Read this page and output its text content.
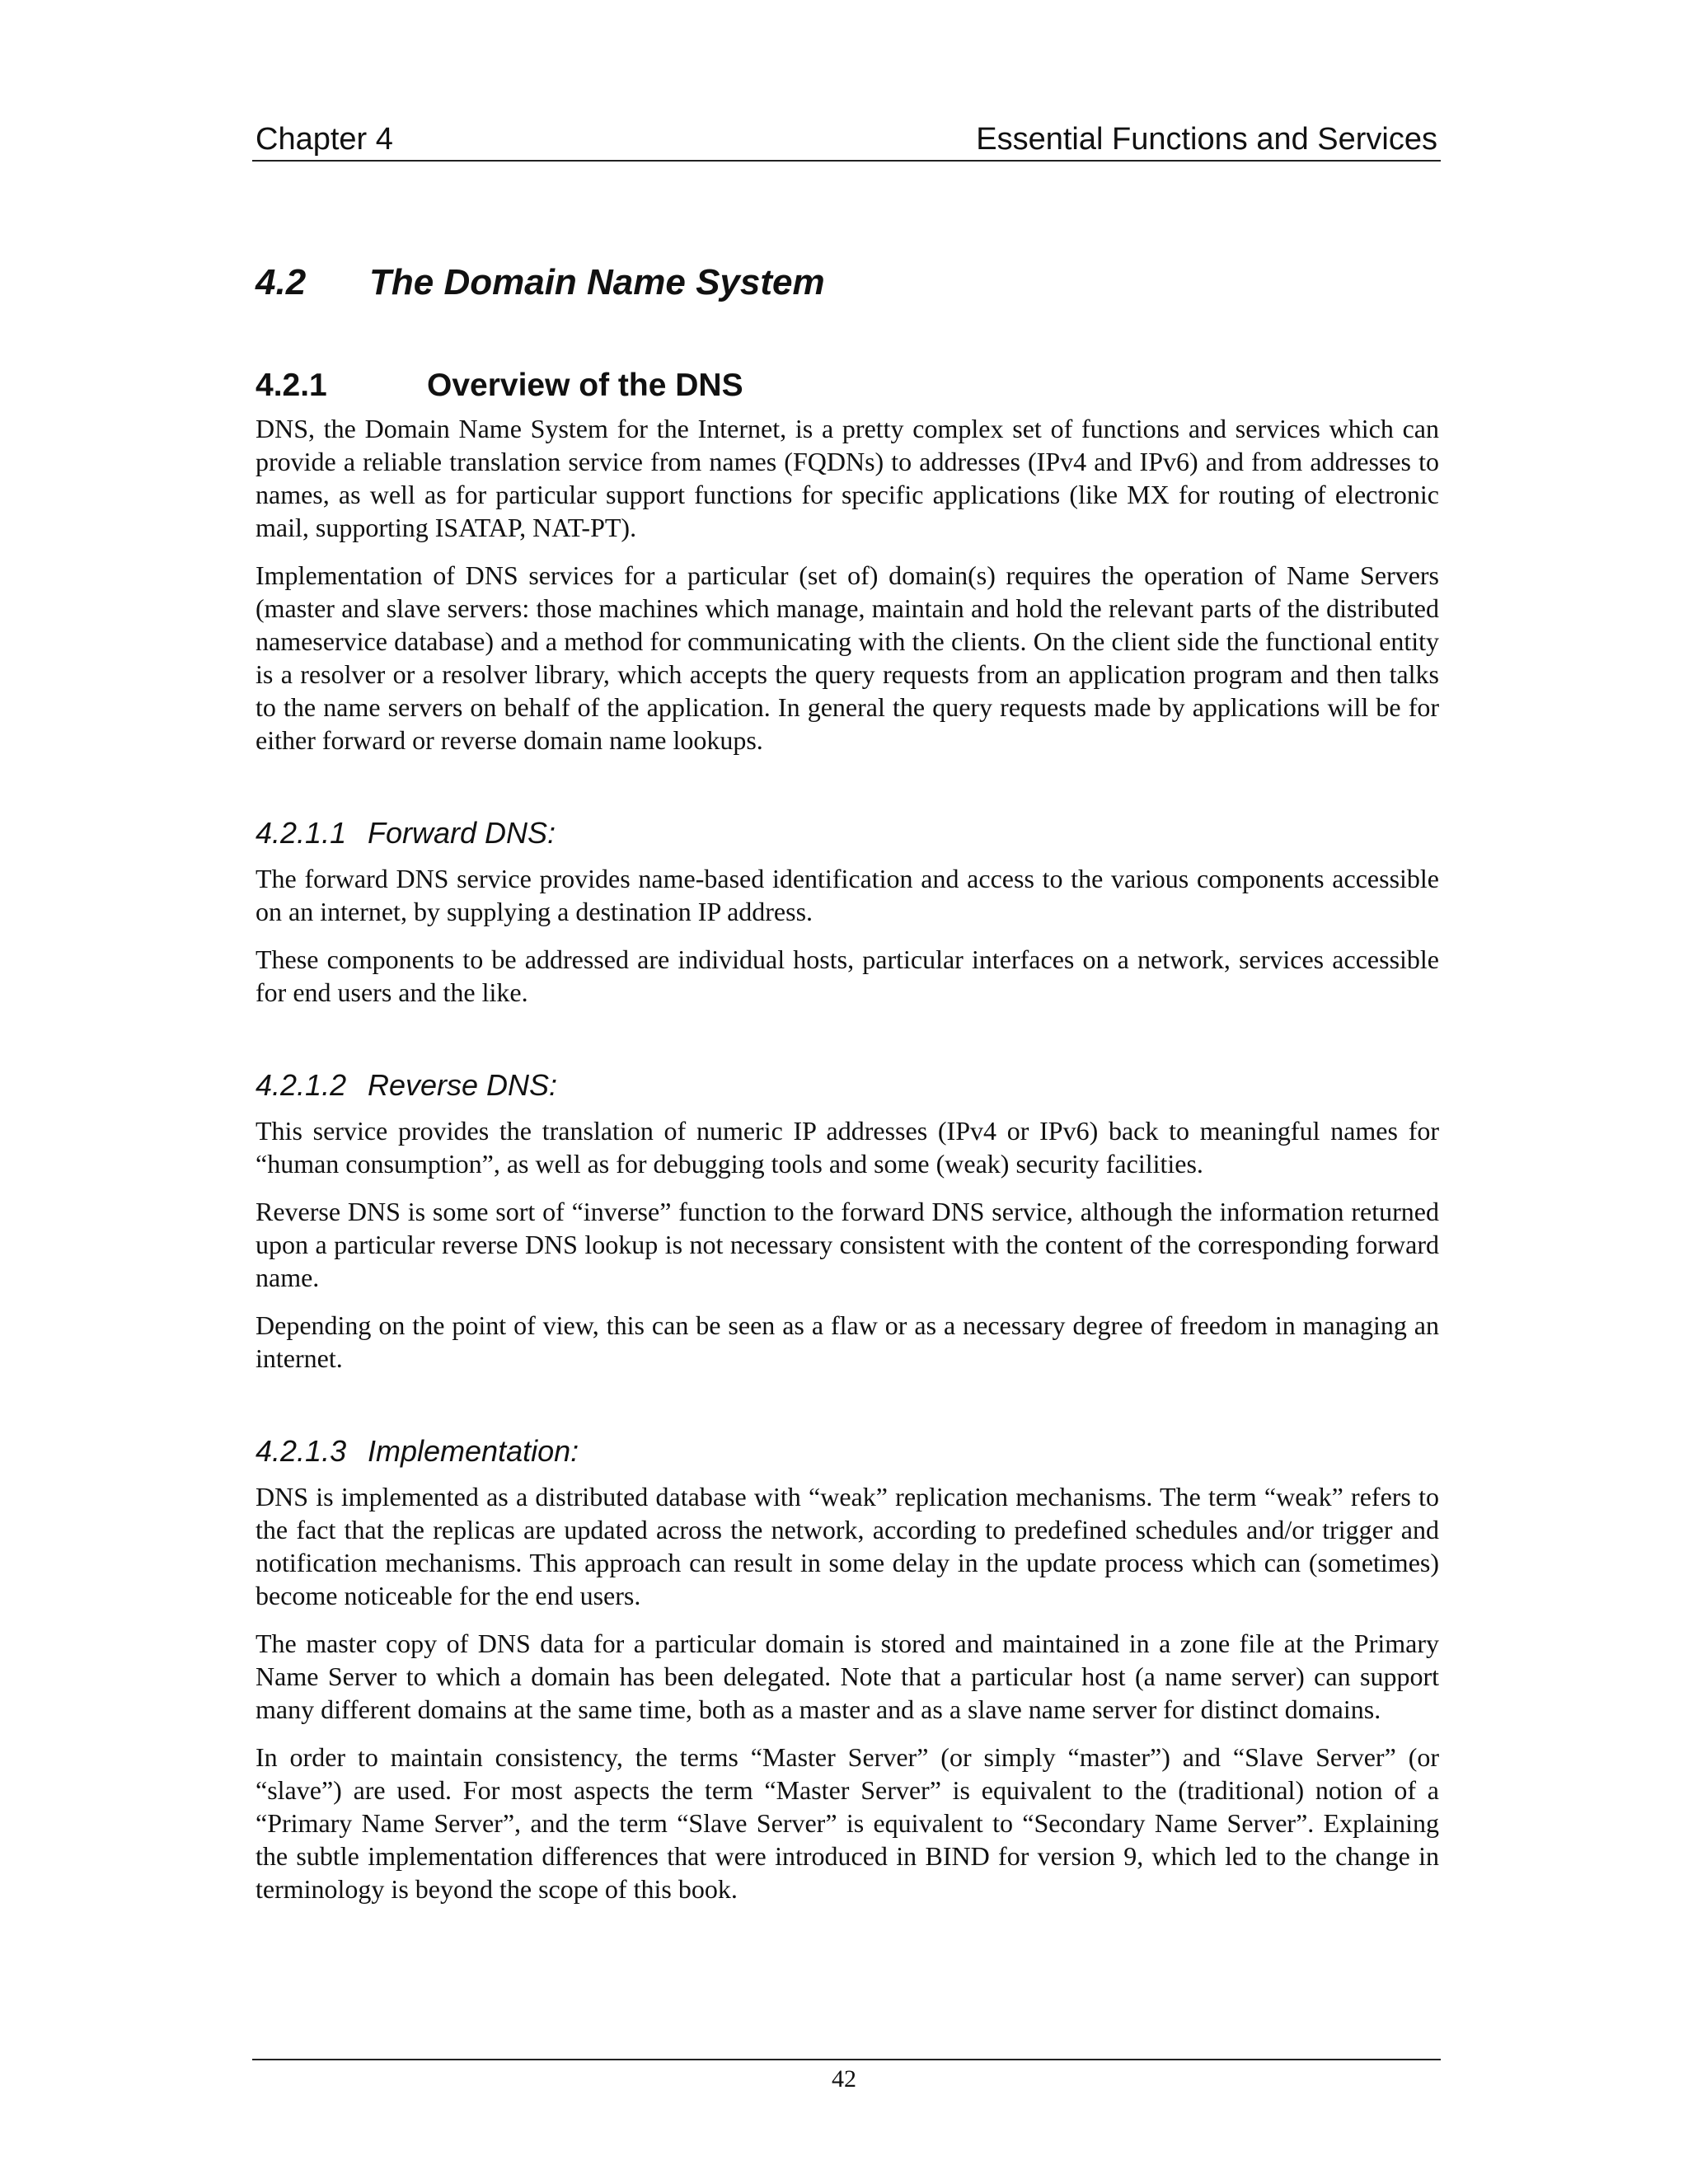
Chapter 4	Essential Functions and Services
4.2 The Domain Name System
4.2.1	Overview of the DNS

DNS, the Domain Name System for the Internet, is a pretty complex set of functions and services which can provide a reliable translation service from names (FQDNs) to addresses (IPv4 and IPv6) and from addresses to names, as well as for particular support functions for specific applications (like MX for routing of electronic mail, supporting ISATAP, NAT-PT).

Implementation of DNS services for a particular (set of) domain(s) requires the operation of Name Servers (master and slave servers: those machines which manage, maintain and hold the relevant parts of the distributed nameservice database) and a method for communicating with the clients. On the client side the functional entity is a resolver or a resolver library, which accepts the query requests from an application program and then talks to the name servers on behalf of the application. In general the query requests made by applications will be for either forward or reverse domain name lookups.

4.2.1.1 Forward DNS:

The forward DNS service provides name-based identification and access to the various components accessible on an internet, by supplying a destination IP address.

These components to be addressed are individual hosts, particular interfaces on a network, services accessible for end users and the like.

4.2.1.2 Reverse DNS:

This service provides the translation of numeric IP addresses (IPv4 or IPv6) back to meaningful names for “human consumption”, as well as for debugging tools and some (weak) security facilities.

Reverse DNS is some sort of “inverse” function to the forward DNS service, although the information returned upon a particular reverse DNS lookup is not necessary consistent with the content of the corresponding forward name.

Depending on the point of view, this can be seen as a flaw or as a necessary degree of freedom in managing an internet.

4.2.1.3 Implementation:

DNS is implemented as a distributed database with “weak” replication mechanisms. The term “weak” refers to the fact that the replicas are updated across the network, according to predefined schedules and/or trigger and notification mechanisms. This approach can result in some delay in the update process which can (sometimes) become noticeable for the end users.

The master copy of DNS data for a particular domain is stored and maintained in a zone file at the Primary Name Server to which a domain has been delegated. Note that a particular host (a name server) can support many different domains at the same time, both as a master and as a slave name server for distinct domains.

In order to maintain consistency, the terms “Master Server” (or simply “master”) and “Slave Server” (or “slave”) are used. For most aspects the term “Master Server” is equivalent to the (traditional) notion of a “Primary Name Server”, and the term “Slave Server” is equivalent to “Secondary Name Server”. Explaining the subtle implementation differences that were introduced in BIND for version 9, which led to the change in terminology is beyond the scope of this book.

42
